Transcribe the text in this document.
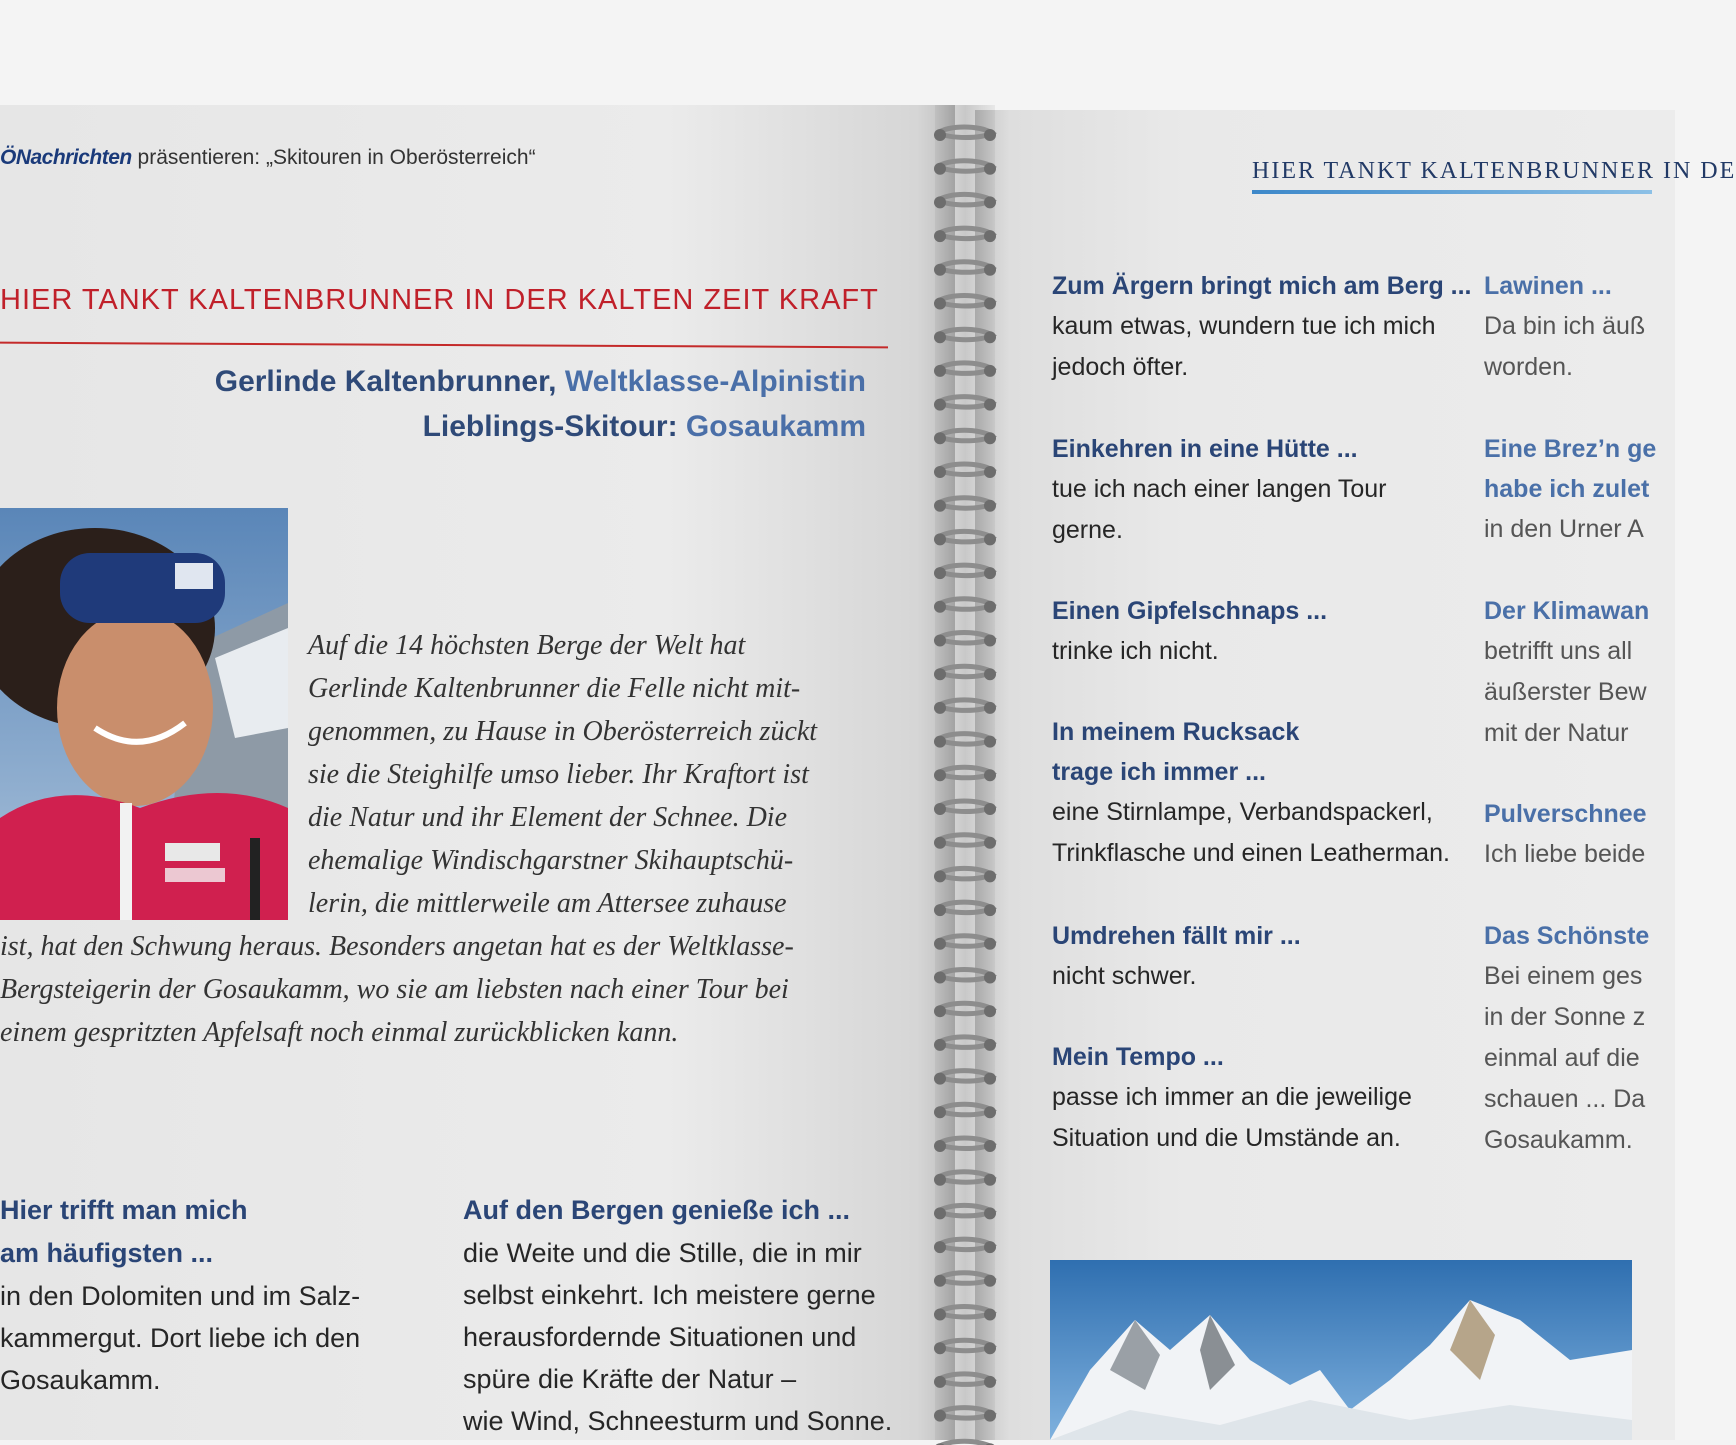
ÖNachrichten präsentieren: „Skitouren in Oberösterreich“
HIER TANKT KALTENBRUNNER IN DE
HIER TANKT KALTENBRUNNER IN DER KALTEN ZEIT KRAFT
Gerlinde Kaltenbrunner, Weltklasse-Alpinistin
Lieblings-Skitour: Gosaukamm
Auf die 14 höchsten Berge der Welt hat
Gerlinde Kaltenbrunner die Felle nicht mit-
genommen, zu Hause in Oberösterreich zückt
sie die Steighilfe umso lieber. Ihr Kraftort ist
die Natur und ihr Element der Schnee. Die
ehemalige Windischgarstner Skihauptschü-
lerin, die mittlerweile am Attersee zuhause
ist, hat den Schwung heraus. Besonders angetan hat es der Weltklasse-
Bergsteigerin der Gosaukamm, wo sie am liebsten nach einer Tour bei
einem gespritzten Apfelsaft noch einmal zurückblicken kann.
Hier trifft man mich
am häufigsten ...
in den Dolomiten und im Salz-
kammergut. Dort liebe ich den
Gosaukamm.
Auf den Bergen genieße ich ...
die Weite und die Stille, die in mir
selbst einkehrt. Ich meistere gerne
herausfordernde Situationen und
spüre die Kräfte der Natur –
wie Wind, Schneesturm und Sonne.
Zum Ärgern bringt mich am Berg ...
kaum etwas, wundern tue ich mich
jedoch öfter.
Einkehren in eine Hütte ...
tue ich nach einer langen Tour
gerne.
Einen Gipfelschnaps ...
trinke ich nicht.
In meinem Rucksack
trage ich immer ...
eine Stirnlampe, Verbandspackerl,
Trinkflasche und einen Leatherman.
Umdrehen fällt mir ...
nicht schwer.
Mein Tempo ...
passe ich immer an die jeweilige
Situation und die Umstände an.
Lawinen ...
Da bin ich äuß
worden.
Eine Brez’n ge
habe ich zulet
in den Urner A
Der Klimawan
betrifft uns all
äußerster Bew
mit der Natur
Pulverschnee
Ich liebe beide
Das Schönste
Bei einem ges
in der Sonne z
einmal auf die
schauen ... Da
Gosaukamm.
